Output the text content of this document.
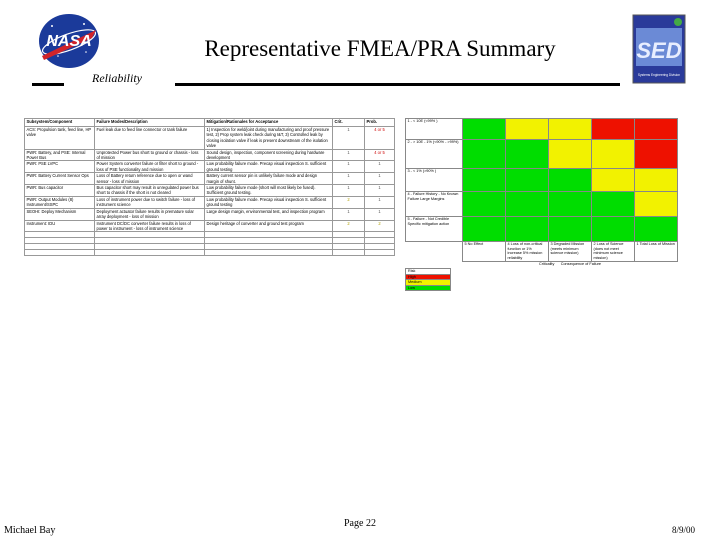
NASA	Representative FMEA/PRA Summary	SED
Systems Engineering Division
Reliability
Subsystem/Component	Failure Modes/Description	Mitigation/Rationales for Acceptance	Crit.	Prob.
ACS: Propulsion tank, feed line, HP valve	Fuel leak due to feed line connector or tank failure	1) Inspection for weld/joint during manufacturing and proof pressure test, 2) Prop system leak check during I&T, 3) Controlled leak by closing isolation valve if leak is present downstream of the isolation valve	1	4 or 5
PWR: Battery, and PSE: Internal Power Bus	Unprotected Power bus short to ground or chassis - loss of mission	Sound design, inspection, component screening during hardware development	1	4 or 5
PWR: PSE LVPC	Power System converter failure or filter short to ground - loss of PSE functionality and mission	Low probability failure mode. Precap visual inspection S. sufficient ground testing	1	1
PWR: Battery Current Sensor Ops	Loss of Battery return reference due to open or wand sensor - loss of mission	Battery current sensor pin is unlikely failure mode and design margin of shunt.	1	1
PWR: Bus capacitor	Bus capacitor short may result in unregulated power bus short to chassis if the short is not cleared	Low probability failure mode (short will most likely be fused). Sufficient ground testing.	1	1
PWR: Output Modules (8) Instrument/SSPC	Loss of instrument power due to switch failure - loss of instrument science	Low probability failure mode. Precap visual inspection S. sufficient ground testing	2	1
SEOHI: Deploy Mechanism	Deployment actuator failure results in premature solar array deployment - loss of mission	Large design margin, environmental test, and inspection program	1	1
Instrument: IDU	Instrument DC/DC converter failure results in loss of power to instrument - loss of instrument science	Design heritage of converter and ground test program	2	2

1 - < 10E (<99% )					
2 - > 10E - 1% (<90% - >99%)					
3 - < 1% (>90% )					
4 - Failure History - No Known Failure Large Margins					
5 - Failure - Not Credible Specific mitigation action					
	5 No Effect	4 Loss of non-critical function or 1% increase 5% mission reliability	3 Degraded Mission (meets minimum science mission)	2 Loss of Science (does not meet minimum science mission)	1 Total Loss of Mission
	Criticality Consequence of Failure				
Risk
High
Medium
Low
Michael Bay
Page 22
8/9/00
